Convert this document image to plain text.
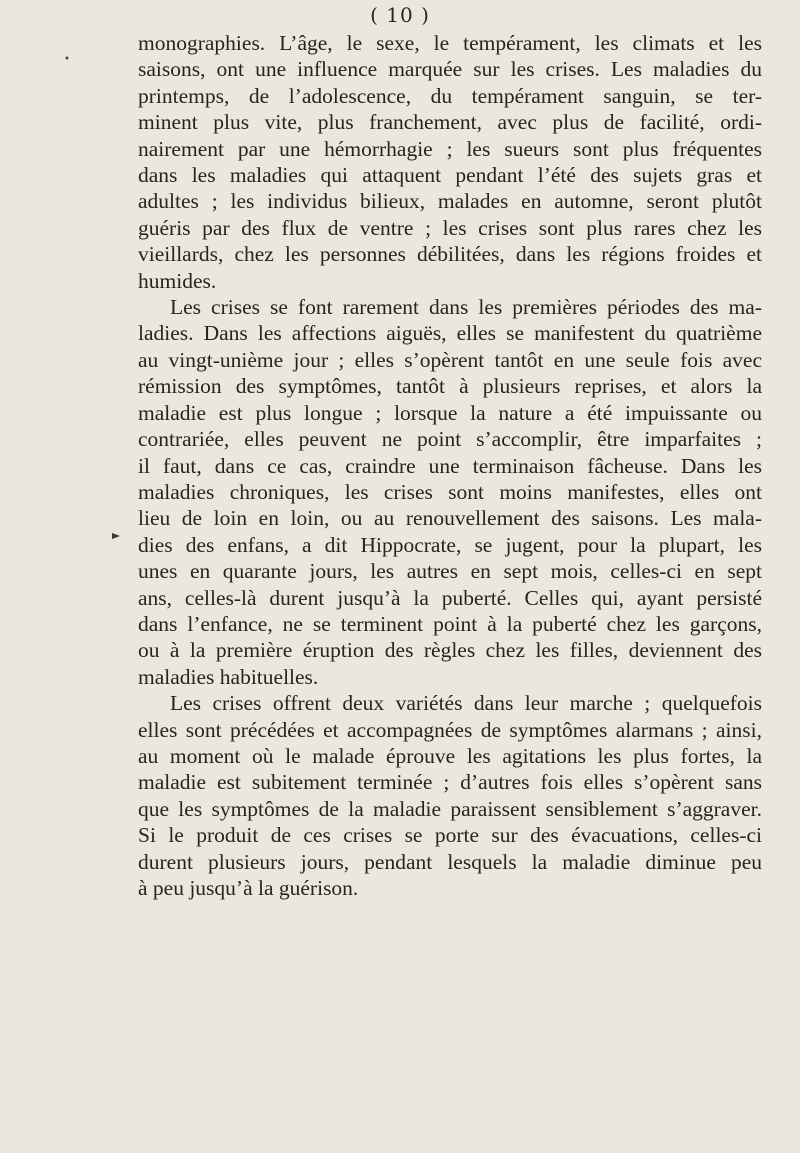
( 10 )
monographies. L’âge, le sexe, le tempérament, les climats et les
saisons, ont une influence marquée sur les crises. Les maladies du
printemps, de l’adolescence, du tempérament sanguin, se ter-
minent plus vite, plus franchement, avec plus de facilité, ordi-
nairement par une hémorrhagie ; les sueurs sont plus fréquentes
dans les maladies qui attaquent pendant l’été des sujets gras et
adultes ; les individus bilieux, malades en automne, seront plutôt
guéris par des flux de ventre ; les crises sont plus rares chez les
vieillards, chez les personnes débilitées, dans les régions froides et
humides.
Les crises se font rarement dans les premières périodes des ma-
ladies. Dans les affections aiguës, elles se manifestent du quatrième
au vingt-unième jour ; elles s’opèrent tantôt en une seule fois avec
rémission des symptômes, tantôt à plusieurs reprises, et alors la
maladie est plus longue ; lorsque la nature a été impuissante ou
contrariée, elles peuvent ne point s’accomplir, être imparfaites ;
il faut, dans ce cas, craindre une terminaison fâcheuse. Dans les
maladies chroniques, les crises sont moins manifestes, elles ont
lieu de loin en loin, ou au renouvellement des saisons. Les mala-
dies des enfans, a dit Hippocrate, se jugent, pour la plupart, les
unes en quarante jours, les autres en sept mois, celles-ci en sept
ans, celles-là durent jusqu’à la puberté. Celles qui, ayant persisté
dans l’enfance, ne se terminent point à la puberté chez les garçons,
ou à la première éruption des règles chez les filles, deviennent des
maladies habituelles.
Les crises offrent deux variétés dans leur marche ; quelquefois
elles sont précédées et accompagnées de symptômes alarmans ; ainsi,
au moment où le malade éprouve les agitations les plus fortes, la
maladie est subitement terminée ; d’autres fois elles s’opèrent sans
que les symptômes de la maladie paraissent sensiblement s’aggraver.
Si le produit de ces crises se porte sur des évacuations, celles-ci
durent plusieurs jours, pendant lesquels la maladie diminue peu
à peu jusqu’à la guérison.
